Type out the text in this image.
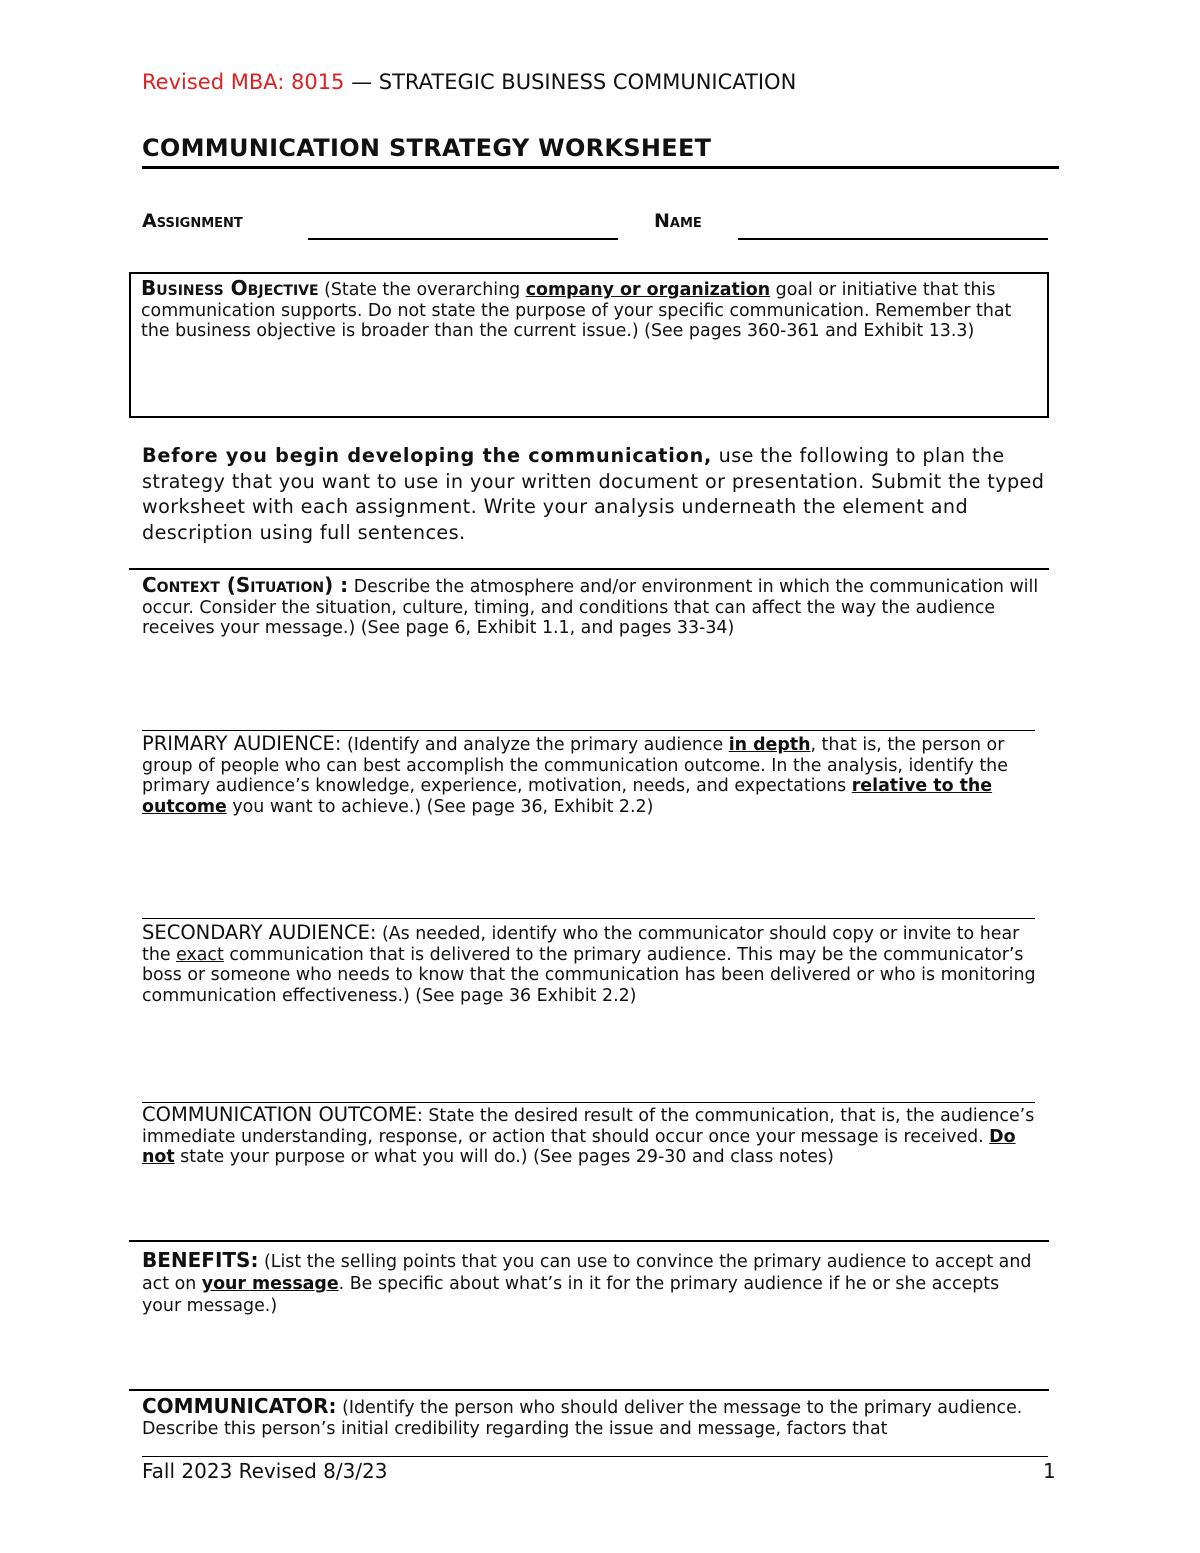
Revised MBA: 8015 — STRATEGIC BUSINESS COMMUNICATION
COMMUNICATION STRATEGY WORKSHEET
Assignment	Name
Business Objective (State the overarching company or organization goal or initiative that this communication supports. Do not state the purpose of your specific communication. Remember that the business objective is broader than the current issue.) (See pages 360-361 and Exhibit 13.3)
Before you begin developing the communication, use the following to plan the strategy that you want to use in your written document or presentation. Submit the typed worksheet with each assignment. Write your analysis underneath the element and description using full sentences.
Context (Situation) : Describe the atmosphere and/or environment in which the communication will occur. Consider the situation, culture, timing, and conditions that can affect the way the audience receives your message.) (See page 6, Exhibit 1.1, and pages 33-34)
PRIMARY AUDIENCE: (Identify and analyze the primary audience in depth, that is, the person or group of people who can best accomplish the communication outcome. In the analysis, identify the primary audience’s knowledge, experience, motivation, needs, and expectations relative to the outcome you want to achieve.) (See page 36, Exhibit 2.2)
SECONDARY AUDIENCE: (As needed, identify who the communicator should copy or invite to hear the exact communication that is delivered to the primary audience. This may be the communicator’s boss or someone who needs to know that the communication has been delivered or who is monitoring communication effectiveness.) (See page 36 Exhibit 2.2)
COMMUNICATION OUTCOME: State the desired result of the communication, that is, the audience’s immediate understanding, response, or action that should occur once your message is received. Do not state your purpose or what you will do.) (See pages 29-30 and class notes)
BENEFITS: (List the selling points that you can use to convince the primary audience to accept and act on your message. Be specific about what’s in it for the primary audience if he or she accepts your message.)
COMMUNICATOR: (Identify the person who should deliver the message to the primary audience. Describe this person’s initial credibility regarding the issue and message, factors that
Fall 2023 Revised 8/3/23	1
